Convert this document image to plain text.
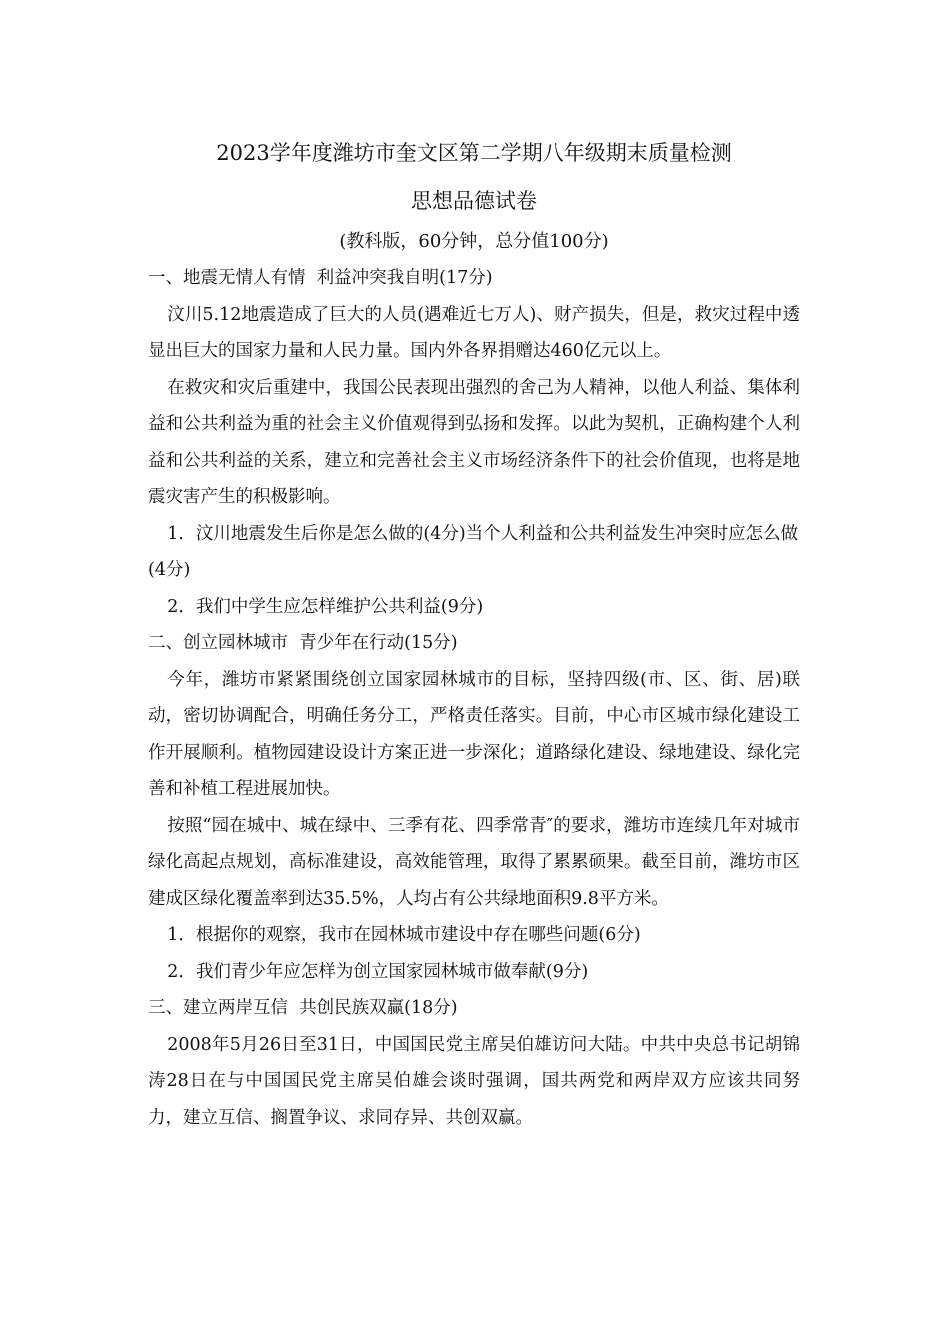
2023学年度潍坊市奎文区第二学期八年级期末质量检测
思想品德试卷

(教科版，60分钟，总分值100分)

一、地震无情人有情  利益冲突我自明(17分)

汶川5.12地震造成了巨大的人员(遇难近七万人)、财产损失，但是，救灾过程中透显出巨大的国家力量和人民力量。国内外各界捐赠达460亿元以上。

在救灾和灾后重建中，我国公民表现出强烈的舍己为人精神，以他人利益、集体利益和公共利益为重的社会主义价值观得到弘扬和发挥。以此为契机，正确构建个人利益和公共利益的关系，建立和完善社会主义市场经济条件下的社会价值现，也将是地震灾害产生的积极影响。

1．汶川地震发生后你是怎么做的(4分)当个人利益和公共利益发生冲突时应怎么做(4分)

2．我们中学生应怎样维护公共利益(9分)

二、创立园林城市  青少年在行动(15分)

今年，潍坊市紧紧围绕创立国家园林城市的目标，坚持四级(市、区、街、居)联动，密切协调配合，明确任务分工，严格责任落实。目前，中心市区城市绿化建设工作开展顺利。植物园建设设计方案正进一步深化；道路绿化建设、绿地建设、绿化完善和补植工程进展加快。

按照“园在城中、城在绿中、三季有花、四季常青″的要求，潍坊市连续几年对城市绿化高起点规划，高标准建设，高效能管理，取得了累累硕果。截至目前，潍坊市区建成区绿化覆盖率到达35.5%，人均占有公共绿地面积9.8平方米。

1．根据你的观察，我市在园林城市建设中存在哪些问题(6分)

2．我们青少年应怎样为创立国家园林城市做奉献(9分)

三、建立两岸互信  共创民族双赢(18分)

2008年5月26日至31日，中国国民党主席吴伯雄访问大陆。中共中央总书记胡锦涛28日在与中国国民党主席吴伯雄会谈时强调，国共两党和两岸双方应该共同努力，建立互信、搁置争议、求同存异、共创双赢。
